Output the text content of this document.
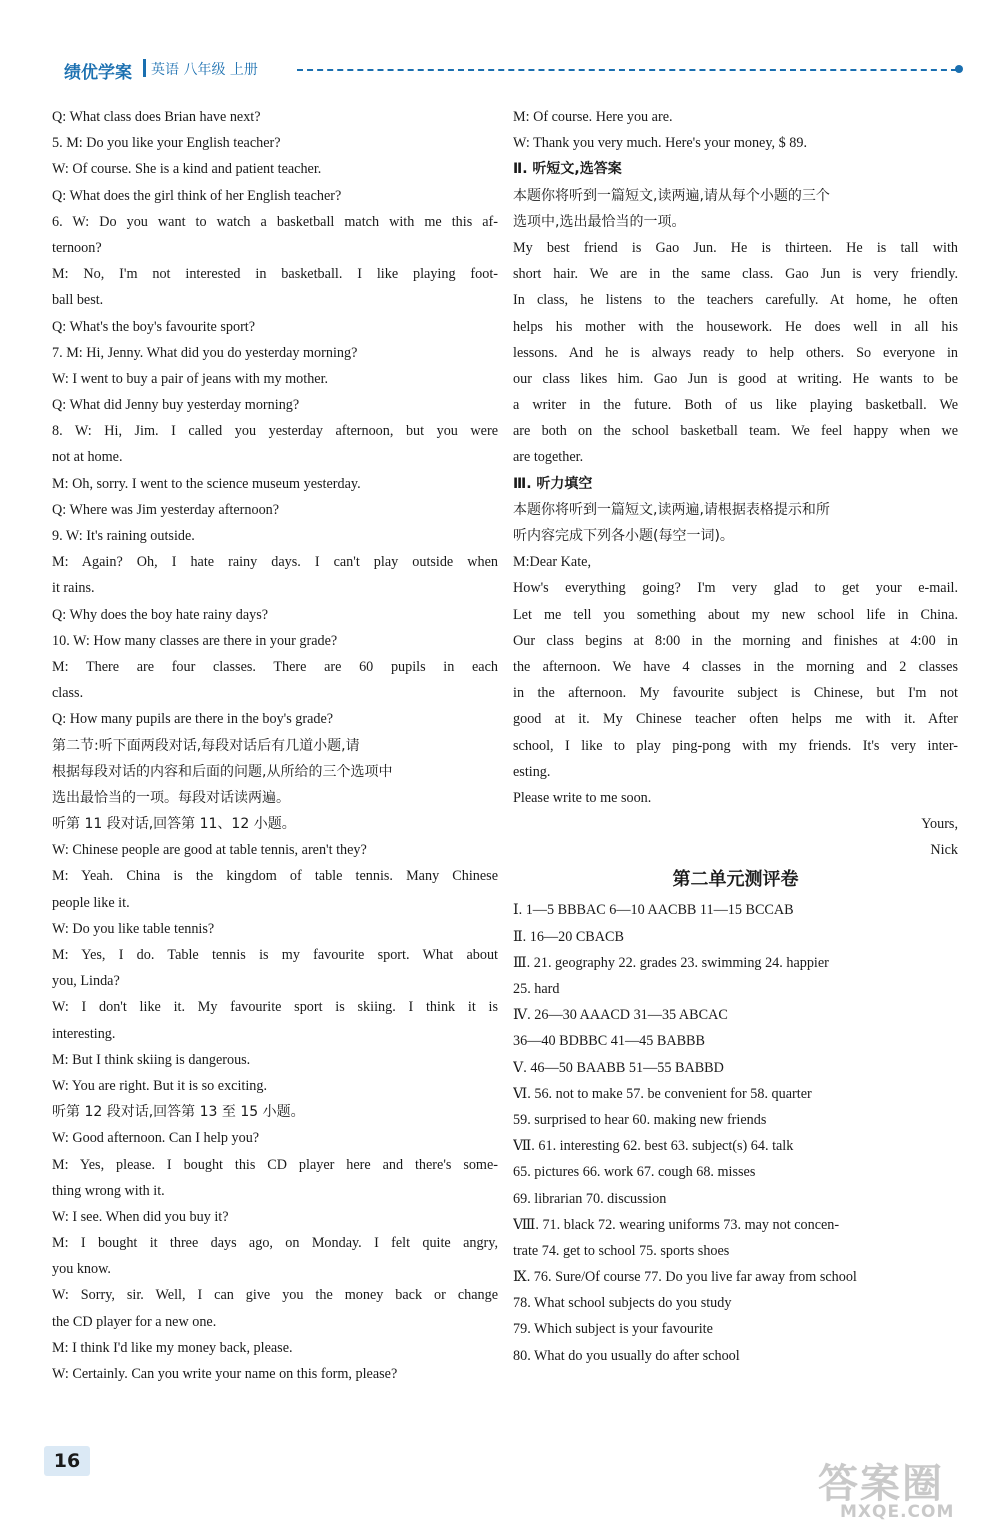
绩优学案 英语 八年级 上册
Q: What class does Brian have next?
5. M: Do you like your English teacher?
W: Of course. She is a kind and patient teacher.
Q: What does the girl think of her English teacher?
6. W: Do you want to watch a basketball match with me this af-
ternoon?
M: No, I'm not interested in basketball. I like playing foot-
ball best.
Q: What's the boy's favourite sport?
7. M: Hi, Jenny. What did you do yesterday morning?
W: I went to buy a pair of jeans with my mother.
Q: What did Jenny buy yesterday morning?
8. W: Hi, Jim. I called you yesterday afternoon, but you were
not at home.
M: Oh, sorry. I went to the science museum yesterday.
Q: Where was Jim yesterday afternoon?
9. W: It's raining outside.
M: Again? Oh, I hate rainy days. I can't play outside when
it rains.
Q: Why does the boy hate rainy days?
10. W: How many classes are there in your grade?
M: There are four classes. There are 60 pupils in each
class.
Q: How many pupils are there in the boy's grade?
第二节:听下面两段对话,每段对话后有几道小题,请
根据每段对话的内容和后面的问题,从所给的三个选项中
选出最恰当的一项。每段对话读两遍。
听第 11 段对话,回答第 11、12 小题。
W: Chinese people are good at table tennis, aren't they?
M: Yeah. China is the kingdom of table tennis. Many Chinese
people like it.
W: Do you like table tennis?
M: Yes, I do. Table tennis is my favourite sport. What about
you, Linda?
W: I don't like it. My favourite sport is skiing. I think it is
interesting.
M: But I think skiing is dangerous.
W: You are right. But it is so exciting.
听第 12 段对话,回答第 13 至 15 小题。
W: Good afternoon. Can I help you?
M: Yes, please. I bought this CD player here and there's some-
thing wrong with it.
W: I see. When did you buy it?
M: I bought it three days ago, on Monday. I felt quite angry,
you know.
W: Sorry, sir. Well, I can give you the money back or change
the CD player for a new one.
M: I think I'd like my money back, please.
W: Certainly. Can you write your name on this form, please?
M: Of course. Here you are.
W: Thank you very much. Here's your money, $ 89.
Ⅱ. 听短文,选答案
本题你将听到一篇短文,读两遍,请从每个小题的三个
选项中,选出最恰当的一项。
My best friend is Gao Jun. He is thirteen. He is tall with
short hair. We are in the same class. Gao Jun is very friendly.
In class, he listens to the teachers carefully. At home, he often
helps his mother with the housework. He does well in all his
lessons. And he is always ready to help others. So everyone in
our class likes him. Gao Jun is good at writing. He wants to be
a writer in the future. Both of us like playing basketball. We
are both on the school basketball team. We feel happy when we
are together.
Ⅲ. 听力填空
本题你将听到一篇短文,读两遍,请根据表格提示和所
听内容完成下列各小题(每空一词)。
M:Dear Kate,
How's everything going? I'm very glad to get your e-mail.
Let me tell you something about my new school life in China.
Our class begins at 8:00 in the morning and finishes at 4:00 in
the afternoon. We have 4 classes in the morning and 2 classes
in the afternoon. My favourite subject is Chinese, but I'm not
good at it. My Chinese teacher often helps me with it. After
school, I like to play ping-pong with my friends. It's very inter-
esting.
Please write to me soon.
Yours,
Nick
第二单元测评卷
Ⅰ. 1—5 BBBAC 6—10 AACBB 11—15 BCCAB
Ⅱ. 16—20 CBACB
Ⅲ. 21. geography 22. grades 23. swimming 24. happier
25. hard
Ⅳ. 26—30 AAACD 31—35 ABCAC
36—40 BDBBC 41—45 BABBB
Ⅴ. 46—50 BAABB 51—55 BABBD
Ⅵ. 56. not to make 57. be convenient for 58. quarter
59. surprised to hear 60. making new friends
Ⅶ. 61. interesting 62. best 63. subject(s) 64. talk
65. pictures 66. work 67. cough 68. misses
69. librarian 70. discussion
Ⅷ. 71. black 72. wearing uniforms 73. may not concen-
trate 74. get to school 75. sports shoes
Ⅸ. 76. Sure/Of course 77. Do you live far away from school
78. What school subjects do you study
79. Which subject is your favourite
80. What do you usually do after school
16	答案圈
MXQE.COM
